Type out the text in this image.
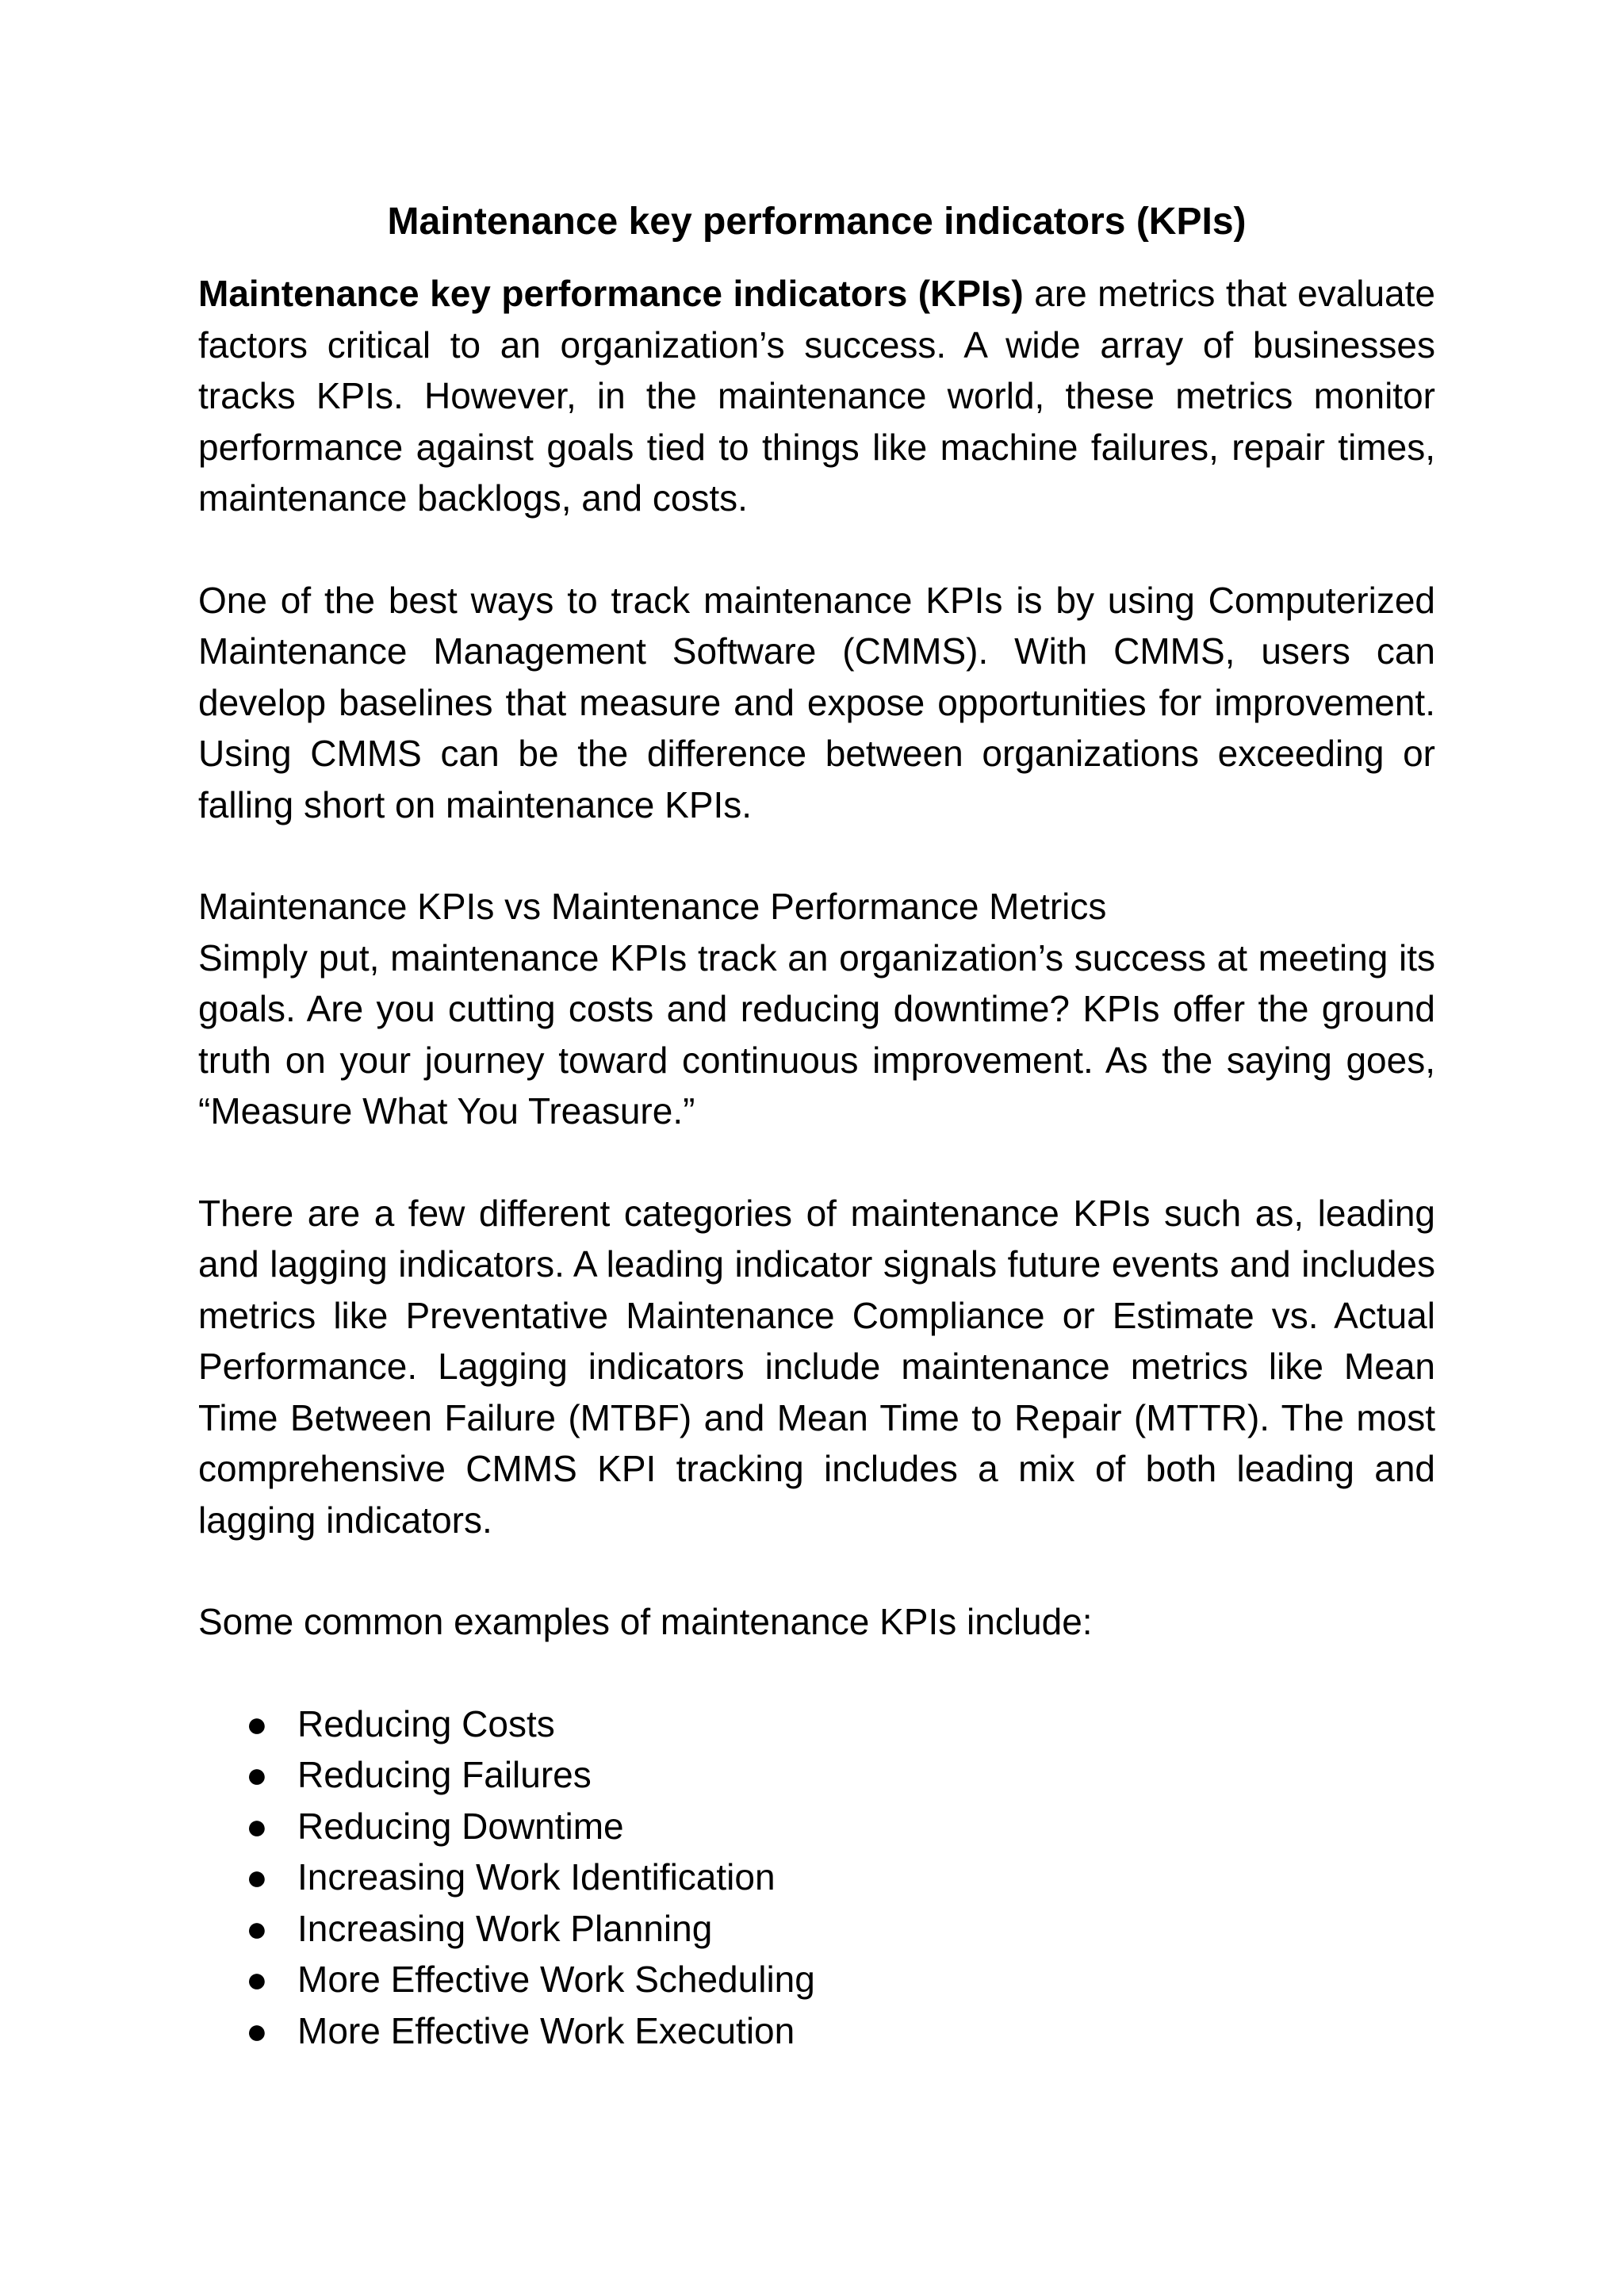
Maintenance key performance indicators (KPIs)

Maintenance key performance indicators (KPIs) are metrics that evaluate factors critical to an organization’s success. A wide array of businesses tracks KPIs. However, in the maintenance world, these metrics monitor performance against goals tied to things like machine failures, repair times, maintenance backlogs, and costs.

One of the best ways to track maintenance KPIs is by using Computerized Maintenance Management Software (CMMS). With CMMS, users can develop baselines that measure and expose opportunities for improvement. Using CMMS can be the difference between organizations exceeding or falling short on maintenance KPIs.

Maintenance KPIs vs Maintenance Performance Metrics

Simply put, maintenance KPIs track an organization’s success at meeting its goals. Are you cutting costs and reducing downtime? KPIs offer the ground truth on your journey toward continuous improvement. As the saying goes, “Measure What You Treasure.”

There are a few different categories of maintenance KPIs such as, leading and lagging indicators. A leading indicator signals future events and includes metrics like Preventative Maintenance Compliance or Estimate vs. Actual Performance. Lagging indicators include maintenance metrics like Mean Time Between Failure (MTBF) and Mean Time to Repair (MTTR). The most comprehensive CMMS KPI tracking includes a mix of both leading and lagging indicators.

Some common examples of maintenance KPIs include:

● Reducing Costs
● Reducing Failures
● Reducing Downtime
● Increasing Work Identification
● Increasing Work Planning
● More Effective Work Scheduling
● More Effective Work Execution
